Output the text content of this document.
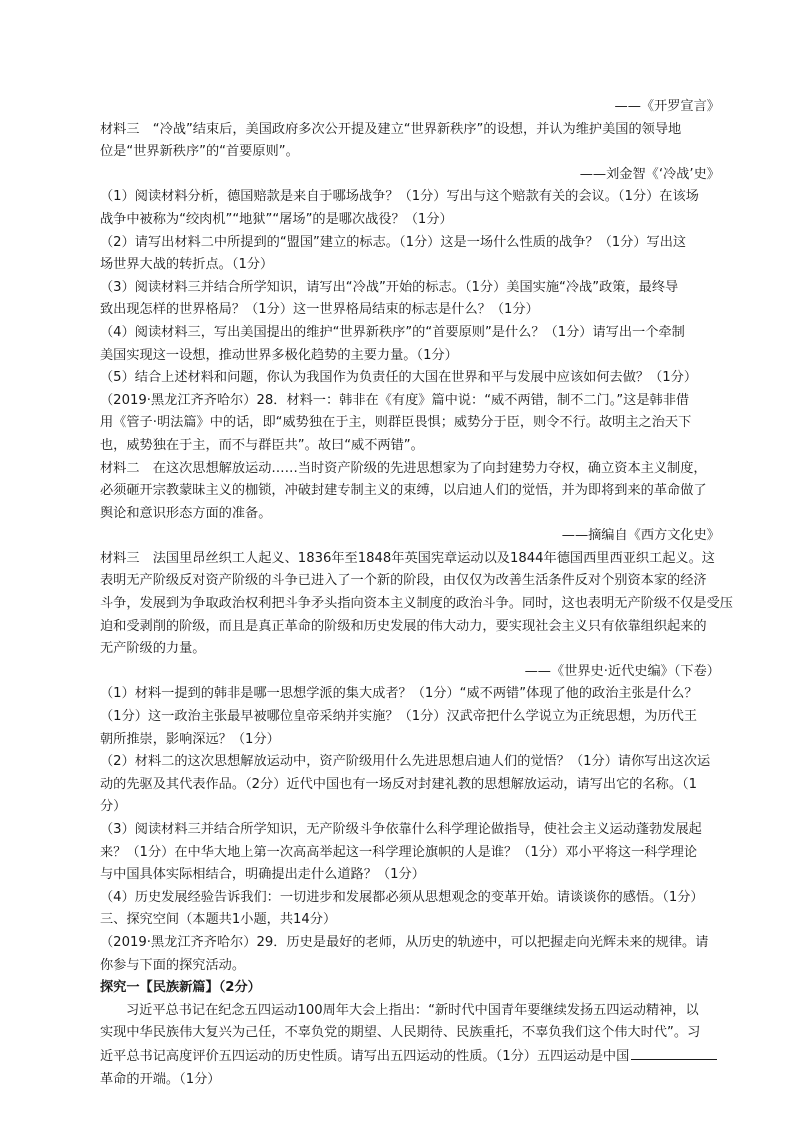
——《开罗宣言》
材料三　“冷战”结束后，美国政府多次公开提及建立“世界新秩序”的设想，并认为维护美国的领导地
位是“世界新秩序”的“首要原则”。
——刘金智《‘冷战’史》
（1）阅读材料分析，德国赔款是来自于哪场战争？（1分）写出与这个赔款有关的会议。（1分）在该场
战争中被称为“绞肉机”“地狱”“屠场”的是哪次战役？（1分）
（2）请写出材料二中所提到的“盟国”建立的标志。（1分）这是一场什么性质的战争？（1分）写出这
场世界大战的转折点。（1分）
（3）阅读材料三并结合所学知识，请写出“冷战”开始的标志。（1分）美国实施“冷战”政策，最终导
致出现怎样的世界格局？（1分）这一世界格局结束的标志是什么？（1分）
（4）阅读材料三，写出美国提出的维护“世界新秩序”的“首要原则”是什么？（1分）请写出一个牵制
美国实现这一设想，推动世界多极化趋势的主要力量。（1分）
（5）结合上述材料和问题，你认为我国作为负责任的大国在世界和平与发展中应该如何去做？（1分）
（2019·黑龙江齐齐哈尔）28．材料一：韩非在《有度》篇中说：“威不两错，制不二门。”这是韩非借
用《管子·明法篇》中的话，即“威势独在于主，则群臣畏惧；威势分于臣，则令不行。故明主之治天下
也，威势独在于主，而不与群臣共”。故曰“威不两错”。
材料二　在这次思想解放运动……当时资产阶级的先进思想家为了向封建势力夺权，确立资本主义制度，
必须砸开宗教蒙昧主义的枷锁，冲破封建专制主义的束缚，以启迪人们的觉悟，并为即将到来的革命做了
舆论和意识形态方面的准备。
——摘编自《西方文化史》
材料三　法国里昂丝织工人起义、1836年至1848年英国宪章运动以及1844年德国西里西亚织工起义。这
表明无产阶级反对资产阶级的斗争已进入了一个新的阶段，由仅仅为改善生活条件反对个别资本家的经济
斗争，发展到为争取政治权利把斗争矛头指向资本主义制度的政治斗争。同时，这也表明无产阶级不仅是受压
迫和受剥削的阶级，而且是真正革命的阶级和历史发展的伟大动力，要实现社会主义只有依靠组织起来的
无产阶级的力量。
——《世界史·近代史编》（下卷）
（1）材料一提到的韩非是哪一思想学派的集大成者？（1分）“威不两错”体现了他的政治主张是什么？
（1分）这一政治主张最早被哪位皇帝采纳并实施？（1分）汉武帝把什么学说立为正统思想，为历代王
朝所推崇，影响深远？（1分）
（2）材料二的这次思想解放运动中，资产阶级用什么先进思想启迪人们的觉悟？（1分）请你写出这次运
动的先驱及其代表作品。（2分）近代中国也有一场反对封建礼教的思想解放运动，请写出它的名称。（1
分）
（3）阅读材料三并结合所学知识，无产阶级斗争依靠什么科学理论做指导，使社会主义运动蓬勃发展起
来？（1分）在中华大地上第一次高高举起这一科学理论旗帜的人是谁？（1分）邓小平将这一科学理论
与中国具体实际相结合，明确提出走什么道路？（1分）
（4）历史发展经验告诉我们：一切进步和发展都必须从思想观念的变革开始。请谈谈你的感悟。（1分）
三、探究空间（本题共1小题，共14分）
（2019·黑龙江齐齐哈尔）29．历史是最好的老师，从历史的轨迹中，可以把握走向光辉未来的规律。请
你参与下面的探究活动。
探究一【民族新篇】（2分）
习近平总书记在纪念五四运动100周年大会上指出：“新时代中国青年要继续发扬五四运动精神，以
实现中华民族伟大复兴为己任，不辜负党的期望、人民期待、民族重托，不辜负我们这个伟大时代”。习
近平总书记高度评价五四运动的历史性质。请写出五四运动的性质。（1分）五四运动是中国
革命的开端。（1分）
